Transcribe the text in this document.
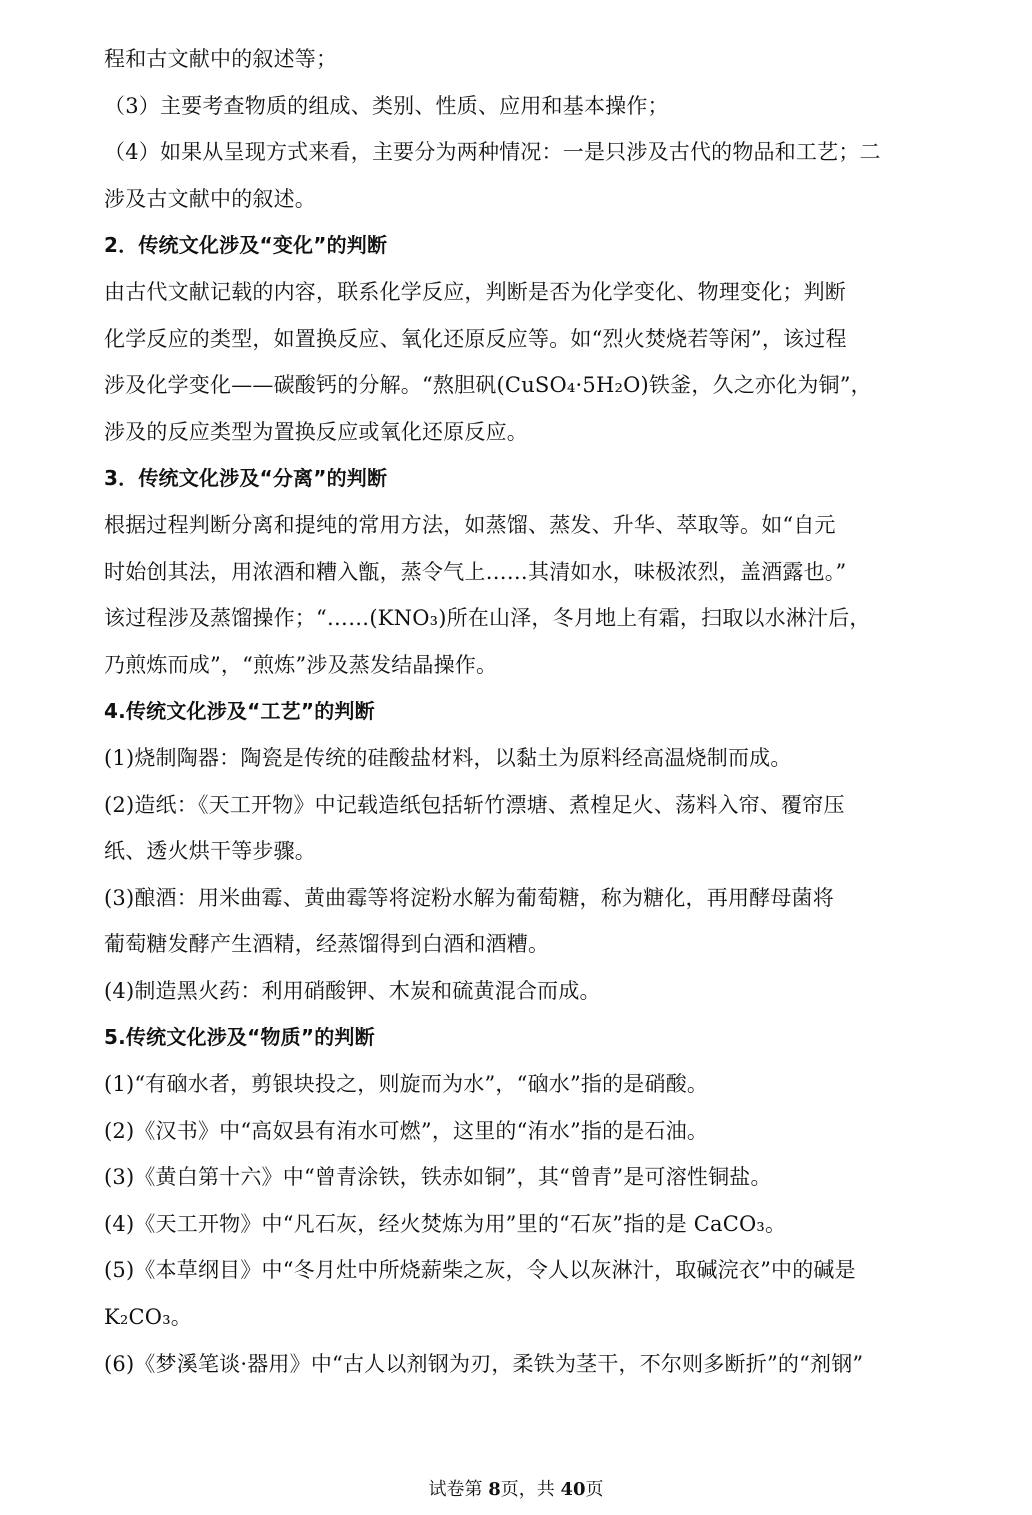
程和古文献中的叙述等；
（3）主要考查物质的组成、类别、性质、应用和基本操作；
（4）如果从呈现方式来看，主要分为两种情况：一是只涉及古代的物品和工艺；二
涉及古文献中的叙述。
2．传统文化涉及“变化”的判断
由古代文献记载的内容，联系化学反应，判断是否为化学变化、物理变化；判断
化学反应的类型，如置换反应、氧化还原反应等。如“烈火焚烧若等闲”，该过程
涉及化学变化——碳酸钙的分解。“熬胆矾(CuSO₄·5H₂O)铁釜，久之亦化为铜”，
涉及的反应类型为置换反应或氧化还原反应。
3．传统文化涉及“分离”的判断
根据过程判断分离和提纯的常用方法，如蒸馏、蒸发、升华、萃取等。如“自元
时始创其法，用浓酒和糟入甑，蒸令气上……其清如水，味极浓烈，盖酒露也。”
该过程涉及蒸馏操作；“……(KNO₃)所在山泽，冬月地上有霜，扫取以水淋汁后，
乃煎炼而成”，“煎炼”涉及蒸发结晶操作。
4.传统文化涉及“工艺”的判断
(1)烧制陶器：陶瓷是传统的硅酸盐材料，以黏土为原料经高温烧制而成。
(2)造纸：《天工开物》中记载造纸包括斩竹漂塘、煮楻足火、荡料入帘、覆帘压
纸、透火烘干等步骤。
(3)酿酒：用米曲霉、黄曲霉等将淀粉水解为葡萄糖，称为糖化，再用酵母菌将
葡萄糖发酵产生酒精，经蒸馏得到白酒和酒糟。
(4)制造黑火药：利用硝酸钾、木炭和硫黄混合而成。
5.传统文化涉及“物质”的判断
(1)“有硇水者，剪银块投之，则旋而为水”，“硇水”指的是硝酸。
(2)《汉书》中“高奴县有洧水可燃”，这里的“洧水”指的是石油。
(3)《黄白第十六》中“曾青涂铁，铁赤如铜”，其“曾青”是可溶性铜盐。
(4)《天工开物》中“凡石灰，经火焚炼为用”里的“石灰”指的是 CaCO₃。
(5)《本草纲目》中“冬月灶中所烧薪柴之灰，令人以灰淋汁，取碱浣衣”中的碱是
K₂CO₃。
(6)《梦溪笔谈·器用》中“古人以剂钢为刃，柔铁为茎干，不尔则多断折”的“剂钢”
试卷第 8页，共 40页
